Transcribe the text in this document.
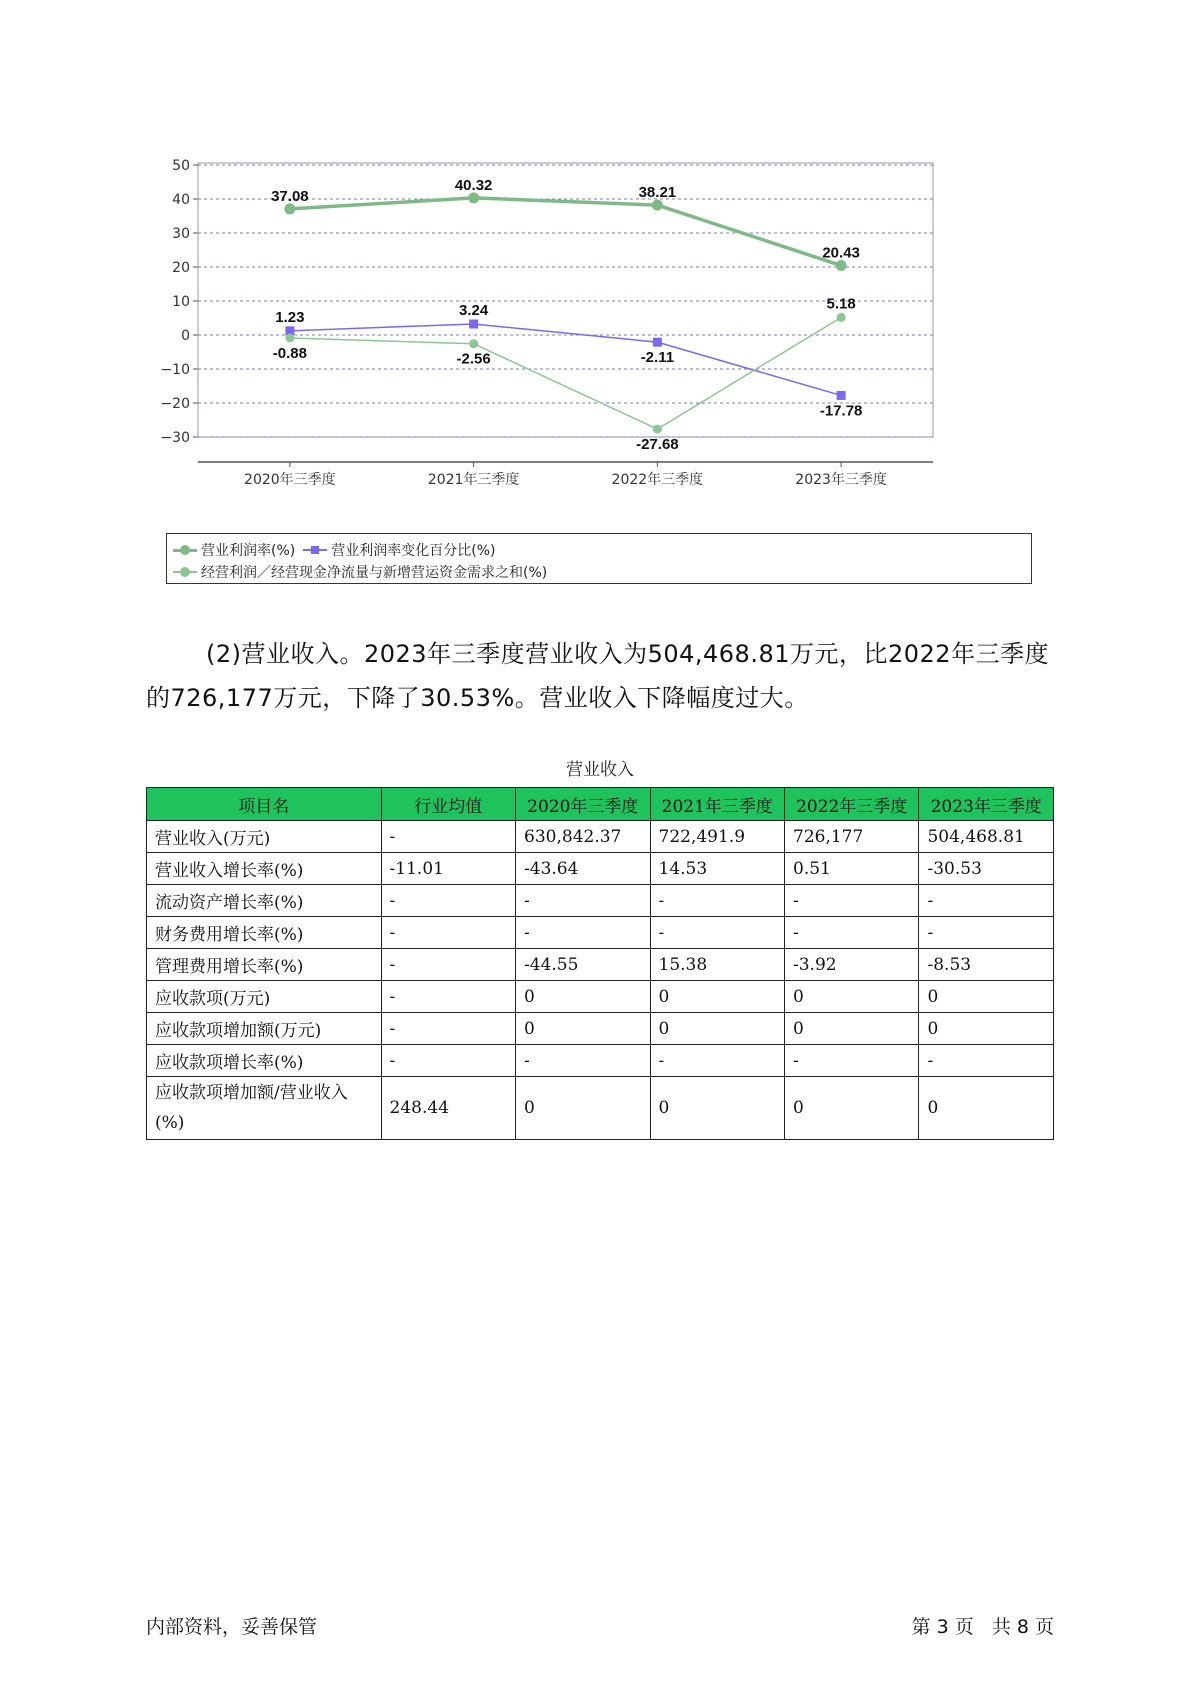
50
40
30
20
10
0
−10
−20
−30
2020年三季度	2021年三季度	2022年三季度	2023年三季度
37.08
40.32	38.21
20.43
1.23	3.24
-2.11
-17.78
-0.88	-2.56
-27.68
5.18
营业利润率(%)	营业利润率变化百分比(%)
经营利润／经营现金净流量与新增营运资金需求之和(%)

(2)营业收入。2023年三季度营业收入为504,468.81万元，比2022年三季度的726,177万元，下降了30.53%。营业收入下降幅度过大。

营业收入
项目名	行业均值	2020年三季度	2021年三季度	2022年三季度	2023年三季度
营业收入(万元)	-	630,842.37	722,491.9	726,177	504,468.81
营业收入增长率(%)	-11.01	-43.64	14.53	0.51	-30.53
流动资产增长率(%)	-	-	-	-	-
财务费用增长率(%)	-	-	-	-	-
管理费用增长率(%)	-	-44.55	15.38	-3.92	-8.53
应收款项(万元)	-	0	0	0	0
应收款项增加额(万元)	-	0	0	0	0
应收款项增长率(%)	-	-	-	-	-
应收款项增加额/营业收入(%)	248.44	0	0	0	0
内部资料，妥善保管	第 3 页   共 8 页
